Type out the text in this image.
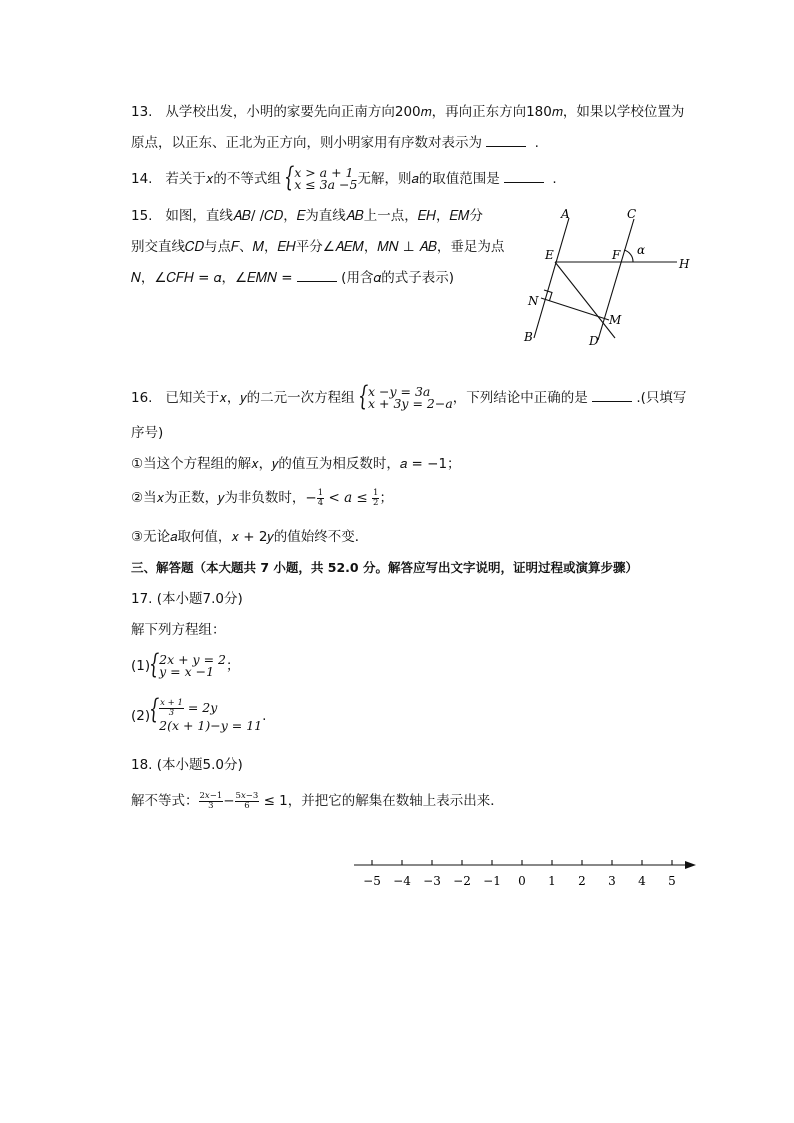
13. 从学校出发，小明的家要先向正南方向200𝑚，再向正东方向180𝑚，如果以学校位置为
原点，以正东、正北为正方向，则小明家用有序数对表示为	.
14. 若关于𝑥的不等式组 { 𝑥 > 𝑎 + 1
𝑥 ≤ 3𝑎 −5 无解，则𝑎的取值范围是	.
15. 如图，直线𝐴𝐵/ /𝐶𝐷，𝐸为直线𝐴𝐵上一点，𝐸𝐻，𝐸𝑀分
别交直线𝐶𝐷与点𝐹、𝑀，𝐸𝐻平分∠𝐴𝐸𝑀，𝑀𝑁 ⊥ 𝐴𝐵，垂足为点
𝑁，∠𝐶𝐹𝐻 = 𝛼，∠𝐸𝑀𝑁 =	(用含𝛼的式子表示)
A
B
C
D
E	F
H
M
N
α
16. 已知关于𝑥，𝑦的二元一次方程组 { 𝑥 −𝑦 = 3𝑎
𝑥 + 3𝑦 = 2−𝑎 ，下列结论中正确的是	.(只填写
序号)
①当这个方程组的解𝑥，𝑦的值互为相反数时，𝑎 = −1；
②当𝑥为正数，𝑦为非负数时，− $\frac{1}{4}$ < 𝑎 ≤ $\frac{1}{2}$ ；
③无论𝑎取何值，𝑥 + 2𝑦的值始终不变．
三、解答题（本大题共 7 小题，共 52.0 分。解答应写出文字说明，证明过程或演算步骤）
17. (本小题7.0分)
解下列方程组：
(1) { 2𝑥 + 𝑦 = 2
𝑦 = 𝑥 −1 ；
(2) { $\frac{\text{𝑥 + 1}}{3}$ = 2𝑦
2(𝑥 + 1)−𝑦 = 11
.
18. (本小题5.0分)
解不等式： $\frac{\text{2𝑥−1}}{3} - \frac{\text{5𝑥−3}}{6} \le 1$，并把它的解集在数轴上表示出来．
−5 −4 −3 −2 −1 0 1 2 3 4 5
